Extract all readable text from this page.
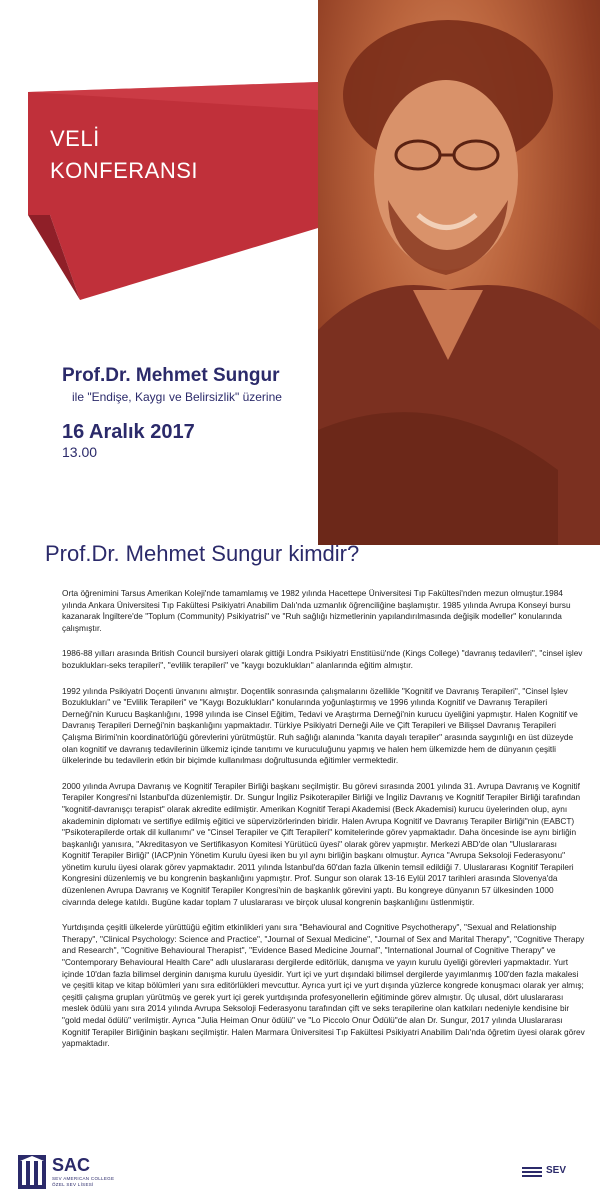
VELİ
KONFERANSI
Prof.Dr. Mehmet Sungur
ile "Endişe, Kaygı ve Belirsizlik" üzerine
16 Aralık 2017
13.00
Prof.Dr. Mehmet Sungur kimdir?

Orta öğrenimini Tarsus Amerikan Koleji'nde tamamlamış ve 1982 yılında Hacettepe Üniversitesi Tıp Fakültesi'nden mezun olmuştur.1984 yılında Ankara Üniversitesi Tıp Fakültesi Psikiyatri Anabilim Dalı'nda uzmanlık öğrenciliğine başlamıştır. 1985 yılında Avrupa Konseyi bursu kazanarak İngiltere'de "Toplum (Community) Psikiyatrisi" ve "Ruh sağlığı hizmetlerinin yapılandırılmasında değişik modeller" konularında çalışmıştır.

1986-88 yılları arasında British Council bursiyeri olarak gittiği Londra Psikiyatri Enstitüsü'nde (Kings College) "davranış tedavileri", "cinsel işlev bozuklukları-seks terapileri", "evlilik terapileri" ve "kaygı bozuklukları" alanlarında eğitim almıştır.

1992 yılında Psikiyatri Doçenti ünvanını almıştır. Doçentlik sonrasında çalışmalarını özellikle "Kognitif ve Davranış Terapileri", "Cinsel İşlev Bozuklukları" ve "Evlilik Terapileri" ve "Kaygı Bozuklukları" konularında yoğunlaştırmış ve 1996 yılında Kognitif ve Davranış Terapileri Derneği'nin Kurucu Başkanlığını, 1998 yılında ise Cinsel Eğitim, Tedavi ve Araştırma Derneği'nin kurucu üyeliğini yapmıştır. Halen Kognitif ve Davranış Terapileri Derneği'nin başkanlığını yapmaktadır. Türkiye Psikiyatri Derneği Aile ve Çift Terapileri ve Bilişsel Davranış Terapileri Çalışma Birimi'nin koordinatörlüğü görevlerini yürütmüştür. Ruh sağlığı alanında "kanıta dayalı terapiler" arasında saygınlığı en üst düzeyde olan kognitif ve davranış tedavilerinin ülkemiz içinde tanıtımı ve kuruculuğunu yapmış ve halen hem ülkemizde hem de dünyanın çeşitli ülkelerinde bu tedavilerin etkin bir biçimde kullanılması doğrultusunda eğitimler vermektedir.

2000 yılında Avrupa Davranış ve Kognitif Terapiler Birliği başkanı seçilmiştir. Bu görevi sırasında 2001 yılında 31. Avrupa Davranış ve Kognitif Terapiler Kongresi'ni İstanbul'da düzenlemiştir. Dr. Sungur İngiliz Psikoterapiler Birliği ve İngiliz Davranış ve Kognitif Terapiler Birliği tarafından "kognitif-davranışçı terapist" olarak akredite edilmiştir. Amerikan Kognitif Terapi Akademisi (Beck Akademisi) kurucu üyelerinden olup, aynı akademinin diplomatı ve sertifiye edilmiş eğitici ve süpervizörlerinden biridir. Halen Avrupa Kognitif ve Davranış Terapiler Birliği"nin (EABCT) "Psikoterapilerde ortak dil kullanımı" ve "Cinsel Terapiler ve Çift Terapileri" komitelerinde görev yapmaktadır. Daha öncesinde ise aynı birliğin başkanlığı yanısıra, "Akreditasyon ve Sertifikasyon Komitesi Yürütücü üyesi" olarak görev yapmıştır. Merkezi ABD'de olan "Uluslararası Kognitif Terapiler Birliği" (IACP)nin Yönetim Kurulu üyesi iken bu yıl aynı birliğin başkanı olmuştur. Ayrıca "Avrupa Seksoloji Federasyonu" yönetim kurulu üyesi olarak görev yapmaktadır. 2011 yılında İstanbul'da 60'dan fazla ülkenin temsil edildiği 7. Uluslararası Kognitif Terapileri Kongresini düzenlemiş ve bu kongrenin başkanlığını yapmıştır. Prof. Sungur son olarak 13-16 Eylül 2017 tarihleri arasında Slovenya'da düzenlenen Avrupa Davranış ve Kognitif Terapiler Kongresi'nin de başkanlık görevini yaptı. Bu kongreye dünyanın 57 ülkesinden 1000 civarında delege katıldı. Bugüne kadar toplam 7 uluslararası ve birçok ulusal kongrenin başkanlığını üstlenmiştir.

Yurtdışında çeşitli ülkelerde yürüttüğü eğitim etkinlikleri yanı sıra "Behavioural and Cognitive Psychotherapy", "Sexual and Relationship Therapy", "Clinical Psychology: Science and Practice", "Journal of Sexual Medicine", "Journal of Sex and Marital Therapy", "Cognitive Therapy and Research", "Cognitive Behavioural Therapist", "Evidence Based Medicine Journal", "International Journal of Cognitive Therapy" ve "Contemporary Behavioural Health Care" adlı uluslararası dergilerde editörlük, danışma ve yayın kurulu üyeliği görevleri yapmaktadır. Yurt içinde 10'dan fazla bilimsel derginin danışma kurulu üyesidir. Yurt içi ve yurt dışındaki bilimsel dergilerde yayımlanmış 100'den fazla makalesi ve çeşitli kitap ve kitap bölümleri yanı sıra editörlükleri mevcuttur. Ayrıca yurt içi ve yurt dışında yüzlerce kongrede konuşmacı olarak yer almış; çeşitli çalışma grupları yürütmüş ve gerek yurt içi gerek yurtdışında profesyonellerin eğitiminde görev almıştır. Üç ulusal, dört uluslararası meslek ödülü yanı sıra 2014 yılında Avrupa Seksoloji Federasyonu tarafından çift ve seks terapilerine olan katkıları nedeniyle kendisine bir "gold medal ödülü" verilmiştir. Ayrıca "Julia Heiman Onur ödülü" ve "Lo Piccolo Onur Ödülü"de alan Dr. Sungur, 2017 yılında Uluslararası Kognitif Terapiler Birliğinin başkanı seçilmiştir. Halen Marmara Üniversitesi Tıp Fakültesi Psikiyatri Anabilim Dalı'nda öğretim üyesi olarak görev yapmaktadır.

SAC
SEV AMERICAN COLLEGE
ÖZEL SEV LİSESİ
SEV
